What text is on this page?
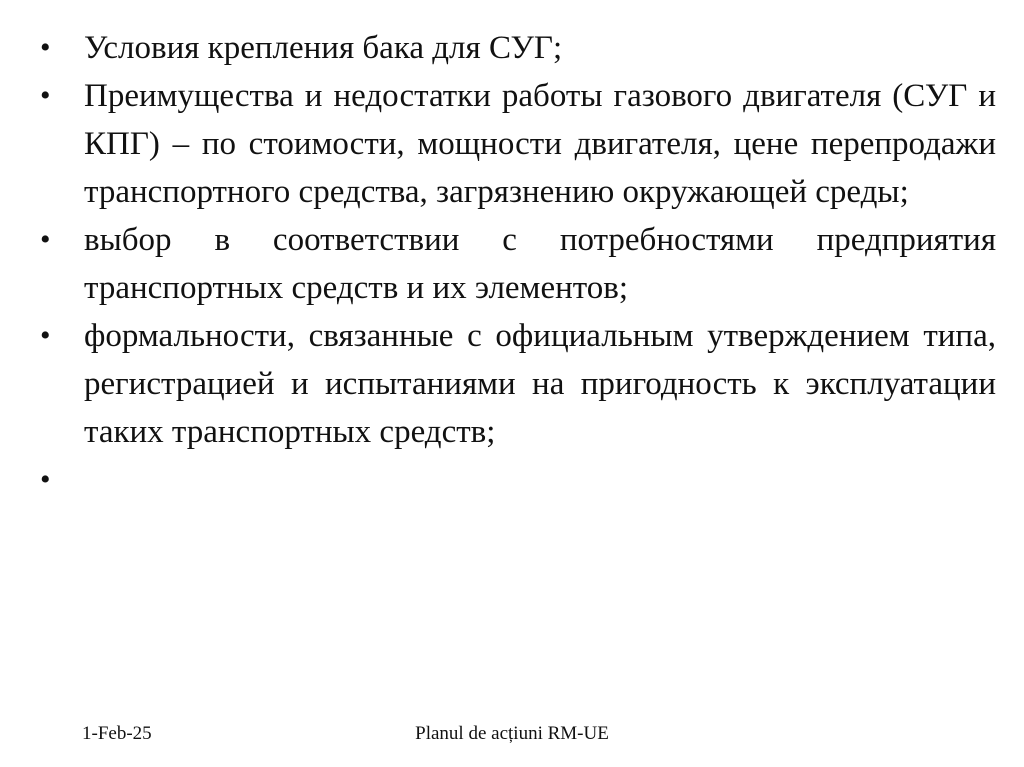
•	Условия крепления бака для СУГ;
•	Преимущества и недостатки работы газового двигателя (СУГ и КПГ) – по стоимости, мощности двигателя, цене перепродажи транспортного средства, загрязнению окружающей среды;
•	выбор в соответствии с потребностями предприятия транспортных средств и их элементов;
•	формальности, связанные с официальным утверждением типа, регистрацией и испытаниями на пригодность к эксплуатации таких транспортных средств;
•
Planul de acțiuni RM-UE
1-Feb-25
